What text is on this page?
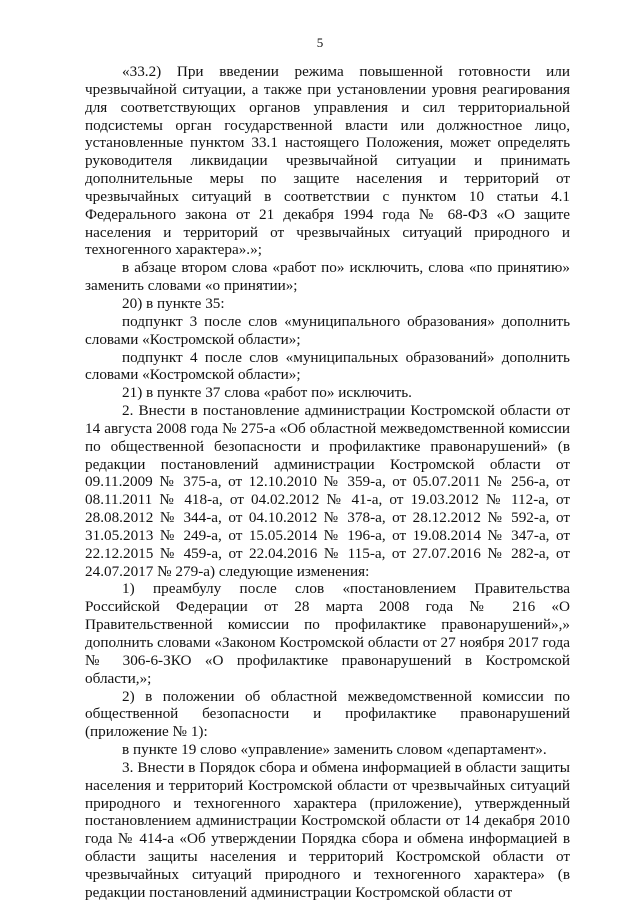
5

«33.2) При введении режима повышенной готовности или чрезвычайной ситуации, а также при установлении уровня реагирования для соответствующих органов управления и сил территориальной подсистемы орган государственной власти или должностное лицо, установленные пунктом 33.1 настоящего Положения, может определять руководителя ликвидации чрезвычайной ситуации и принимать дополнительные меры по защите населения и территорий от чрезвычайных ситуаций в соответствии с пунктом 10 статьи 4.1 Федерального закона от 21 декабря 1994 года № 68-ФЗ «О защите населения и территорий от чрезвычайных ситуаций природного и техногенного характера».»;

в абзаце втором слова «работ по» исключить, слова «по принятию» заменить словами «о принятии»;

20) в пункте 35:

подпункт 3 после слов «муниципального образования» дополнить словами «Костромской области»;

подпункт 4 после слов «муниципальных образований» дополнить словами «Костромской области»;

21) в пункте 37 слова «работ по» исключить.

2. Внести в постановление администрации Костромской области от 14 августа 2008 года № 275-а «Об областной межведомственной комиссии по общественной безопасности и профилактике правонарушений» (в редакции постановлений администрации Костромской области от 09.11.2009 № 375-а, от 12.10.2010 № 359-а, от 05.07.2011 № 256-а, от 08.11.2011 № 418-а, от 04.02.2012 № 41-а, от 19.03.2012 № 112-а, от 28.08.2012 № 344-а, от 04.10.2012 № 378-а, от 28.12.2012 № 592-а, от 31.05.2013 № 249-а, от 15.05.2014 № 196-а, от 19.08.2014 № 347-а, от 22.12.2015 № 459-а, от 22.04.2016 № 115-а, от 27.07.2016 № 282-а, от 24.07.2017 № 279-а) следующие изменения:

1) преамбулу после слов «постановлением Правительства Российской Федерации от 28 марта 2008 года № 216 «О Правительственной комиссии по профилактике правонарушений»,» дополнить словами «Законом Костромской области от 27 ноября 2017 года № 306-6-ЗКО «О профилактике правонарушений в Костромской области,»;

2) в положении об областной межведомственной комиссии по общественной безопасности и профилактике правонарушений (приложение № 1):

в пункте 19 слово «управление» заменить словом «департамент».

3. Внести в Порядок сбора и обмена информацией в области защиты населения и территорий Костромской области от чрезвычайных ситуаций природного и техногенного характера (приложение), утвержденный постановлением администрации Костромской области от 14 декабря 2010 года № 414-а «Об утверждении Порядка сбора и обмена информацией в области защиты населения и территорий Костромской области от чрезвычайных ситуаций природного и техногенного характера» (в редакции постановлений администрации Костромской области от
